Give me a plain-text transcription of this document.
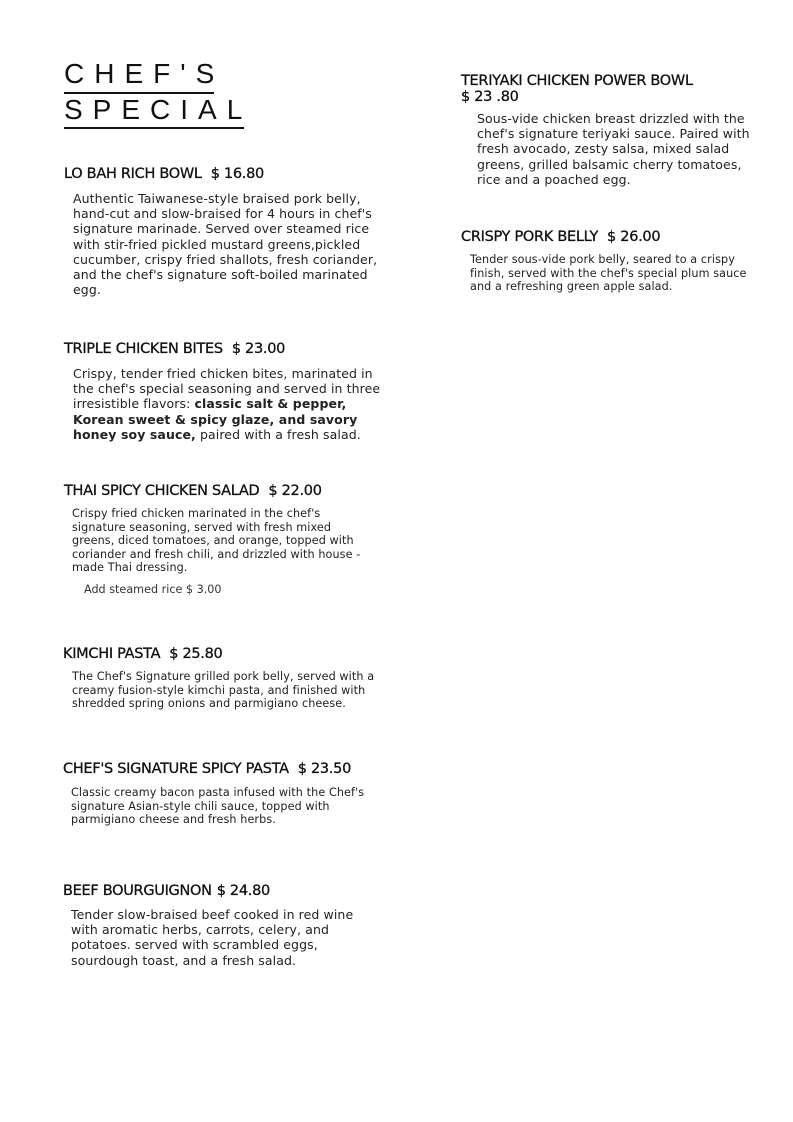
CHEF'S
SPECIAL
LO BAH RICH BOWL $ 16.80
Authentic Taiwanese-style braised pork belly, hand-cut and slow-braised for 4 hours in chef's signature marinade. Served over steamed rice with stir-fried pickled mustard greens,pickled cucumber, crispy fried shallots, fresh coriander, and the chef's signature soft-boiled marinated egg.
TRIPLE CHICKEN BITES $ 23.00
Crispy, tender fried chicken bites, marinated in the chef's special seasoning and served in three irresistible flavors: classic salt & pepper, Korean sweet & spicy glaze, and savory honey soy sauce, paired with a fresh salad.
THAI SPICY CHICKEN SALAD $ 22.00
Crispy fried chicken marinated in the chef's signature seasoning, served with fresh mixed greens, diced tomatoes, and orange, topped with coriander and fresh chili, and drizzled with house -made Thai dressing.
Add steamed rice $ 3.00
KIMCHI PASTA $ 25.80
The Chef's Signature grilled pork belly, served with a creamy fusion-style kimchi pasta, and finished with shredded spring onions and parmigiano cheese.
CHEF'S SIGNATURE SPICY PASTA $ 23.50
Classic creamy bacon pasta infused with the Chef's signature Asian-style chili sauce, topped with parmigiano cheese and fresh herbs.
BEEF BOURGUIGNON $ 24.80
Tender slow-braised beef cooked in red wine with aromatic herbs, carrots, celery, and potatoes. served with scrambled eggs, sourdough toast, and a fresh salad.
TERIYAKI CHICKEN POWER BOWL
$ 23 .80
Sous-vide chicken breast drizzled with the chef's signature teriyaki sauce. Paired with fresh avocado, zesty salsa, mixed salad greens, grilled balsamic cherry tomatoes, rice and a poached egg.
CRISPY PORK BELLY $ 26.00
Tender sous-vide pork belly, seared to a crispy finish, served with the chef's special plum sauce and a refreshing green apple salad.
